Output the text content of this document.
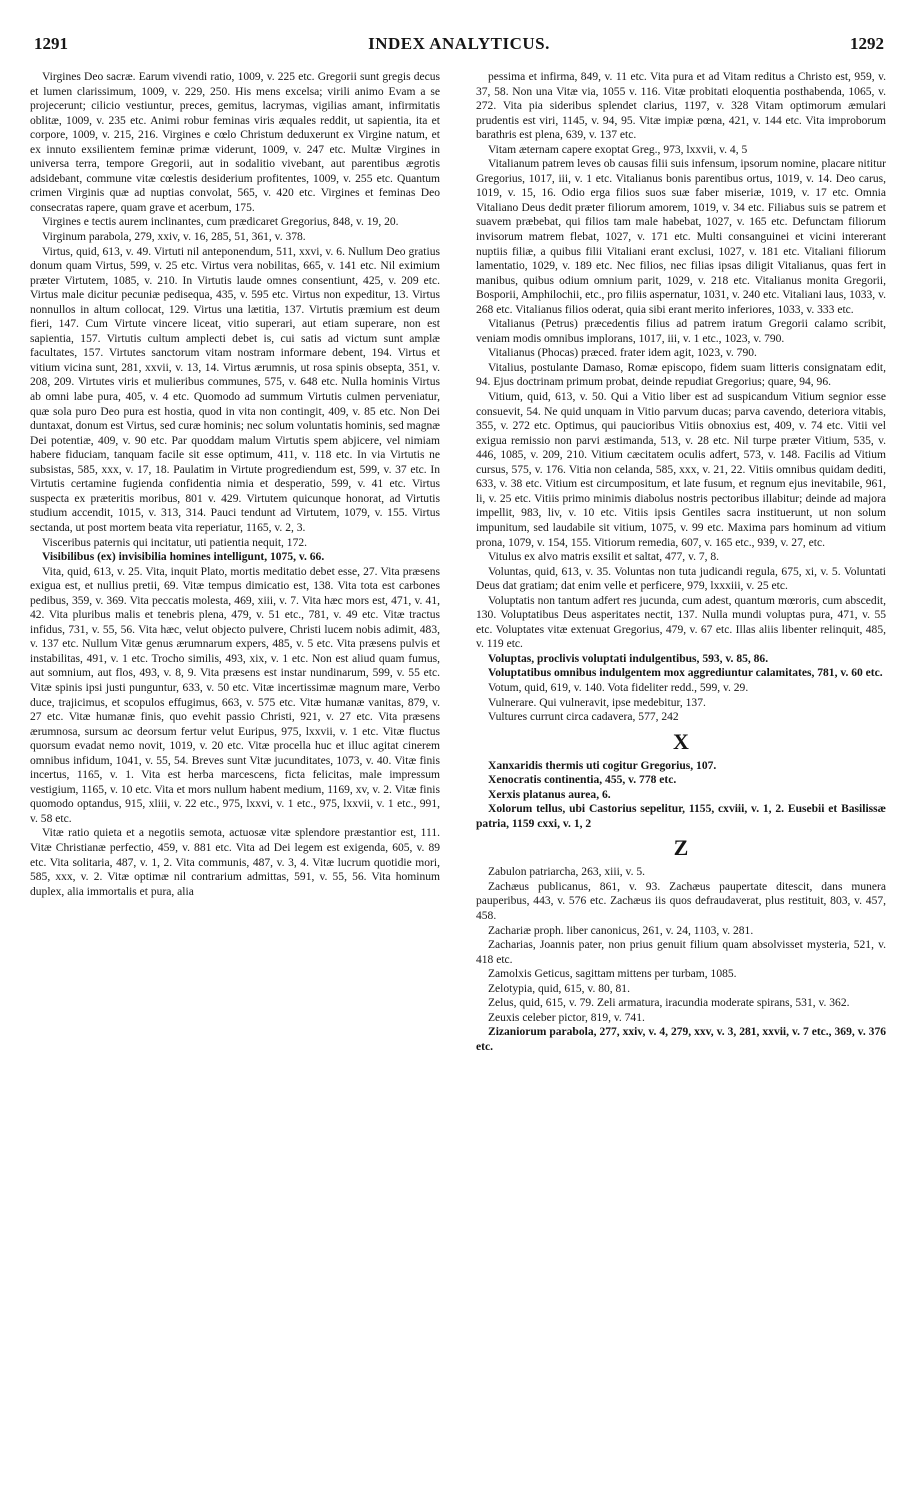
1291	INDEX ANALYTICUS.	1292

Virgines Deo sacræ. Earum vivendi ratio, 1009, v. 225 etc. Gregorii sunt gregis decus et lumen clarissimum, 1009, v. 229, 250. His mens excelsa; virili animo Evam a se projecerunt; cilicio vestiuntur, preces, gemitus, lacrymas, vigilias amant, infirmitatis oblitæ, 1009, v. 235 etc. Animi robur feminas viris æquales reddit, ut sapientia, ita et corpore, 1009, v. 215, 216. Virgines e cœlo Christum deduxerunt ex Virgine natum, et ex innuto exsilientem feminæ primæ viderunt, 1009, v. 247 etc. Multæ Virgines in universa terra, tempore Gregorii, aut in sodalitio vivebant, aut parentibus ægrotis adsidebant, commune vitæ cœlestis desiderium profitentes, 1009, v. 255 etc. Quantum crimen Virginis quæ ad nuptias convolat, 565, v. 420 etc. Virgines et feminas Deo consecratas rapere, quam grave et acerbum, 175.

Virgines e tectis aurem inclinantes, cum prædicaret Gregorius, 848, v. 19, 20.

Virginum parabola, 279, xxiv, v. 16, 285, 51, 361, v. 378.

Virtus, quid, 613, v. 49. Virtuti nil anteponendum, 511, xxvi, v. 6. Nullum Deo gratius donum quam Virtus, 599, v. 25 etc. Virtus vera nobilitas, 665, v. 141 etc. Nil eximium præter Virtutem, 1085, v. 210. In Virtutis laude omnes consentiunt, 425, v. 209 etc. Virtus male dicitur pecuniæ pedisequa, 435, v. 595 etc. Virtus non expeditur, 13. Virtus nonnullos in altum collocat, 129. Virtus una lætitia, 137. Virtutis præmium est deum fieri, 147. Cum Virtute vincere liceat, vitio superari, aut etiam superare, non est sapientia, 157. Virtutis cultum amplecti debet is, cui satis ad victum sunt amplæ facultates, 157. Virtutes sanctorum vitam nostram informare debent, 194. Virtus et vitium vicina sunt, 281, xxvii, v. 13, 14. Virtus ærumnis, ut rosa spinis obsepta, 351, v. 208, 209. Virtutes viris et mulieribus communes, 575, v. 648 etc. Nulla hominis Virtus ab omni labe pura, 405, v. 4 etc. Quomodo ad summum Virtutis culmen perveniatur, quæ sola puro Deo pura est hostia, quod in vita non contingit, 409, v. 85 etc. Non Dei duntaxat, donum est Virtus, sed curæ hominis; nec solum voluntatis hominis, sed magnæ Dei potentiæ, 409, v. 90 etc. Par quoddam malum Virtutis spem abjicere, vel nimiam habere fiduciam, tanquam facile sit esse optimum, 411, v. 118 etc. In via Virtutis ne subsistas, 585, xxx, v. 17, 18. Paulatim in Virtute progrediendum est, 599, v. 37 etc. In Virtutis certamine fugienda confidentia nimia et desperatio, 599, v. 41 etc. Virtus suspecta ex præteritis moribus, 801 v. 429. Virtutem quicunque honorat, ad Virtutis studium accendit, 1015, v. 313, 314. Pauci tendunt ad Virtutem, 1079, v. 155. Virtus sectanda, ut post mortem beata vita reperiatur, 1165, v. 2, 3.

Visceribus paternis qui incitatur, uti patientia nequit, 172.

Visibilibus (ex) invisibilia homines intelligunt, 1075, v. 66.

Vita, quid, 613, v. 25. Vita, inquit Plato, mortis meditatio debet esse, 27. Vita præsens exigua est, et nullius pretii, 69. Vitæ tempus dimicatio est, 138. Vita tota est carbones pedibus, 359, v. 369. Vita peccatis molesta, 469, xiii, v. 7. Vita hæc mors est, 471, v. 41, 42. Vita pluribus malis et tenebris plena, 479, v. 51 etc., 781, v. 49 etc. Vitæ tractus infidus, 731, v. 55, 56. Vita hæc, velut objecto pulvere, Christi lucem nobis adimit, 483, v. 137 etc. Nullum Vitæ genus ærumnarum expers, 485, v. 5 etc. Vita præsens pulvis et instabilitas, 491, v. 1 etc. Trocho similis, 493, xix, v. 1 etc. Non est aliud quam fumus, aut somnium, aut flos, 493, v. 8, 9. Vita præsens est instar nundinarum, 599, v. 55 etc. Vitæ spinis ipsi justi punguntur, 633, v. 50 etc. Vitæ incertissimæ magnum mare, Verbo duce, trajicimus, et scopulos effugimus, 663, v. 575 etc. Vitæ humanæ vanitas, 879, v. 27 etc. Vitæ humanæ finis, quo evehit passio Christi, 921, v. 27 etc. Vita præsens ærumnosa, sursum ac deorsum fertur velut Euripus, 975, lxxvii, v. 1 etc. Vitæ fluctus quorsum evadat nemo novit, 1019, v. 20 etc. Vitæ procella huc et illuc agitat cinerem omnibus infidum, 1041, v. 55, 54. Breves sunt Vitæ jucunditates, 1073, v. 40. Vitæ finis incertus, 1165, v. 1. Vita est herba marcescens, ficta felicitas, male impressum vestigium, 1165, v. 10 etc. Vita et mors nullum habent medium, 1169, xv, v. 2. Vitæ finis quomodo optandus, 915, xliii, v. 22 etc., 975, lxxvi, v. 1 etc., 975, lxxvii, v. 1 etc., 991, v. 58 etc.

Vitæ ratio quieta et a negotiis semota, actuosæ vitæ splendore præstantior est, 111. Vitæ Christianæ perfectio, 459, v. 881 etc. Vita ad Dei legem est exigenda, 605, v. 89 etc. Vita solitaria, 487, v. 1, 2. Vita communis, 487, v. 3, 4. Vitæ lucrum quotidie mori, 585, xxx, v. 2. Vitæ optimæ nil contrarium admittas, 591, v. 55, 56. Vita hominum duplex, alia immortalis et pura, alia

pessima et infirma, 849, v. 11 etc. Vita pura et ad Vitam reditus a Christo est, 959, v. 37, 58. Non una Vitæ via, 1055 v. 116. Vitæ probitati eloquentia posthabenda, 1065, v. 272. Vita pia sideribus splendet clarius, 1197, v. 328 Vitam optimorum æmulari prudentis est viri, 1145, v. 94, 95. Vitæ impiæ pœna, 421, v. 144 etc. Vita improborum barathris est plena, 639, v. 137 etc.

Vitam æternam capere exoptat Greg., 973, lxxvii, v. 4, 5

Vitalianum patrem leves ob causas filii suis infensum, ipsorum nomine, placare nititur Gregorius, 1017, iii, v. 1 etc. Vitalianus bonis parentibus ortus, 1019, v. 14. Deo carus, 1019, v. 15, 16. Odio erga filios suos suæ faber miseriæ, 1019, v. 17 etc. Omnia Vitaliano Deus dedit præter filiorum amorem, 1019, v. 34 etc. Filiabus suis se patrem et suavem præbebat, qui filios tam male habebat, 1027, v. 165 etc. Defunctam filiorum invisorum matrem flebat, 1027, v. 171 etc. Multi consanguinei et vicini intererant nuptiis filiæ, a quibus filii Vitaliani erant exclusi, 1027, v. 181 etc. Vitaliani filiorum lamentatio, 1029, v. 189 etc. Nec filios, nec filias ipsas diligit Vitalianus, quas fert in manibus, quibus odium omnium parit, 1029, v. 218 etc. Vitalianus monita Gregorii, Bosporii, Amphilochii, etc., pro filiis aspernatur, 1031, v. 240 etc. Vitaliani laus, 1033, v. 268 etc. Vitalianus filios oderat, quia sibi erant merito inferiores, 1033, v. 333 etc.

Vitalianus (Petrus) præcedentis filius ad patrem iratum Gregorii calamo scribit, veniam modis omnibus implorans, 1017, iii, v. 1 etc., 1023, v. 790.

Vitalianus (Phocas) præced. frater idem agit, 1023, v. 790.

Vitalius, postulante Damaso, Romæ episcopo, fidem suam litteris consignatam edit, 94. Ejus doctrinam primum probat, deinde repudiat Gregorius; quare, 94, 96.

Vitium, quid, 613, v. 50. Qui a Vitio liber est ad suspicandum Vitium segnior esse consuevit, 54. Ne quid unquam in Vitio parvum ducas; parva cavendo, deteriora vitabis, 355, v. 272 etc. Optimus, qui paucioribus Vitiis obnoxius est, 409, v. 74 etc. Vitii vel exigua remissio non parvi æstimanda, 513, v. 28 etc. Nil turpe præter Vitium, 535, v. 446, 1085, v. 209, 210. Vitium cæcitatem oculis adfert, 573, v. 148. Facilis ad Vitium cursus, 575, v. 176. Vitia non celanda, 585, xxx, v. 21, 22. Vitiis omnibus quidam dediti, 633, v. 38 etc. Vitium est circumpositum, et late fusum, et regnum ejus inevitabile, 961, li, v. 25 etc. Vitiis primo minimis diabolus nostris pectoribus illabitur; deinde ad majora impellit, 983, liv, v. 10 etc. Vitiis ipsis Gentiles sacra instituerunt, ut non solum impunitum, sed laudabile sit vitium, 1075, v. 99 etc. Maxima pars hominum ad vitium prona, 1079, v. 154, 155. Vitiorum remedia, 607, v. 165 etc., 939, v. 27, etc.

Vitulus ex alvo matris exsilit et saltat, 477, v. 7, 8.

Voluntas, quid, 613, v. 35. Voluntas non tuta judicandi regula, 675, xi, v. 5. Voluntati Deus dat gratiam; dat enim velle et perficere, 979, lxxxiii, v. 25 etc.

Voluptatis non tantum adfert res jucunda, cum adest, quantum mœroris, cum abscedit, 130. Voluptatibus Deus asperitates nectit, 137. Nulla mundi voluptas pura, 471, v. 55 etc. Voluptates vitæ extenuat Gregorius, 479, v. 67 etc. Illas aliis libenter relinquit, 485, v. 119 etc.

Voluptas, proclivis voluptati indulgentibus, 593, v. 85, 86.

Voluptatibus omnibus indulgentem mox aggrediuntur calamitates, 781, v. 60 etc.

Votum, quid, 619, v. 140. Vota fideliter redd., 599, v. 29.

Vulnerare. Qui vulneravit, ipse medebitur, 137.

Vultures currunt circa cadavera, 577, 242

X

Xanxaridis thermis uti cogitur Gregorius, 107.

Xenocratis continentia, 455, v. 778 etc.

Xerxis platanus aurea, 6.

Xolorum tellus, ubi Castorius sepelitur, 1155, cxviii, v. 1, 2. Eusebii et Basilissæ patria, 1159 cxxi, v. 1, 2

Z

Zabulon patriarcha, 263, xiii, v. 5.

Zachæus publicanus, 861, v. 93. Zachæus paupertate ditescit, dans munera pauperibus, 443, v. 576 etc. Zachæus iis quos defraudaverat, plus restituit, 803, v. 457, 458.

Zachariæ proph. liber canonicus, 261, v. 24, 1103, v. 281.

Zacharias, Joannis pater, non prius genuit filium quam absolvisset mysteria, 521, v. 418 etc.

Zamolxis Geticus, sagittam mittens per turbam, 1085.

Zelotypia, quid, 615, v. 80, 81.

Zelus, quid, 615, v. 79. Zeli armatura, iracundia moderate spirans, 531, v. 362.

Zeuxis celeber pictor, 819, v. 741.

Zizaniorum parabola, 277, xxiv, v. 4, 279, xxv, v. 3, 281, xxvii, v. 7 etc., 369, v. 376 etc.
